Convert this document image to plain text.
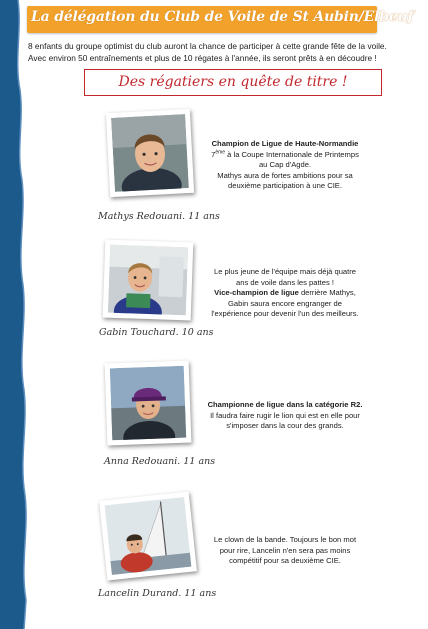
La délégation du Club de Voile de St Aubin/Elbeuf
8 enfants du groupe optimist du club auront la chance de participer à cette grande fête de la voile.
Avec environ 50 entraînements et plus de 10 régates à l'année, ils seront prêts à en découdre !
Des régatiers en quête de titre !
Mathys Redouani. 11 ans
Champion de Ligue de Haute-Normandie
7ème à la Coupe Internationale de Printemps
au Cap d'Agde.
Mathys aura de fortes ambitions pour sa
deuxième participation à une CIE.
Gabin Touchard. 10 ans
Le plus jeune de l'équipe mais déjà quatre
ans de voile dans les pattes !
Vice-champion de ligue derrière Mathys,
Gabin saura encore engranger de
l'expérience pour devenir l'un des meilleurs.
Anna Redouani. 11 ans
Championne de ligue dans la catégorie R2.
Il faudra faire rugir le lion qui est en elle pour
s'imposer dans la cour des grands.
Lancelin Durand. 11 ans
Le clown de la bande. Toujours le bon mot
pour rire, Lancelin n'en sera pas moins
compétitif pour sa deuxième CIE.
